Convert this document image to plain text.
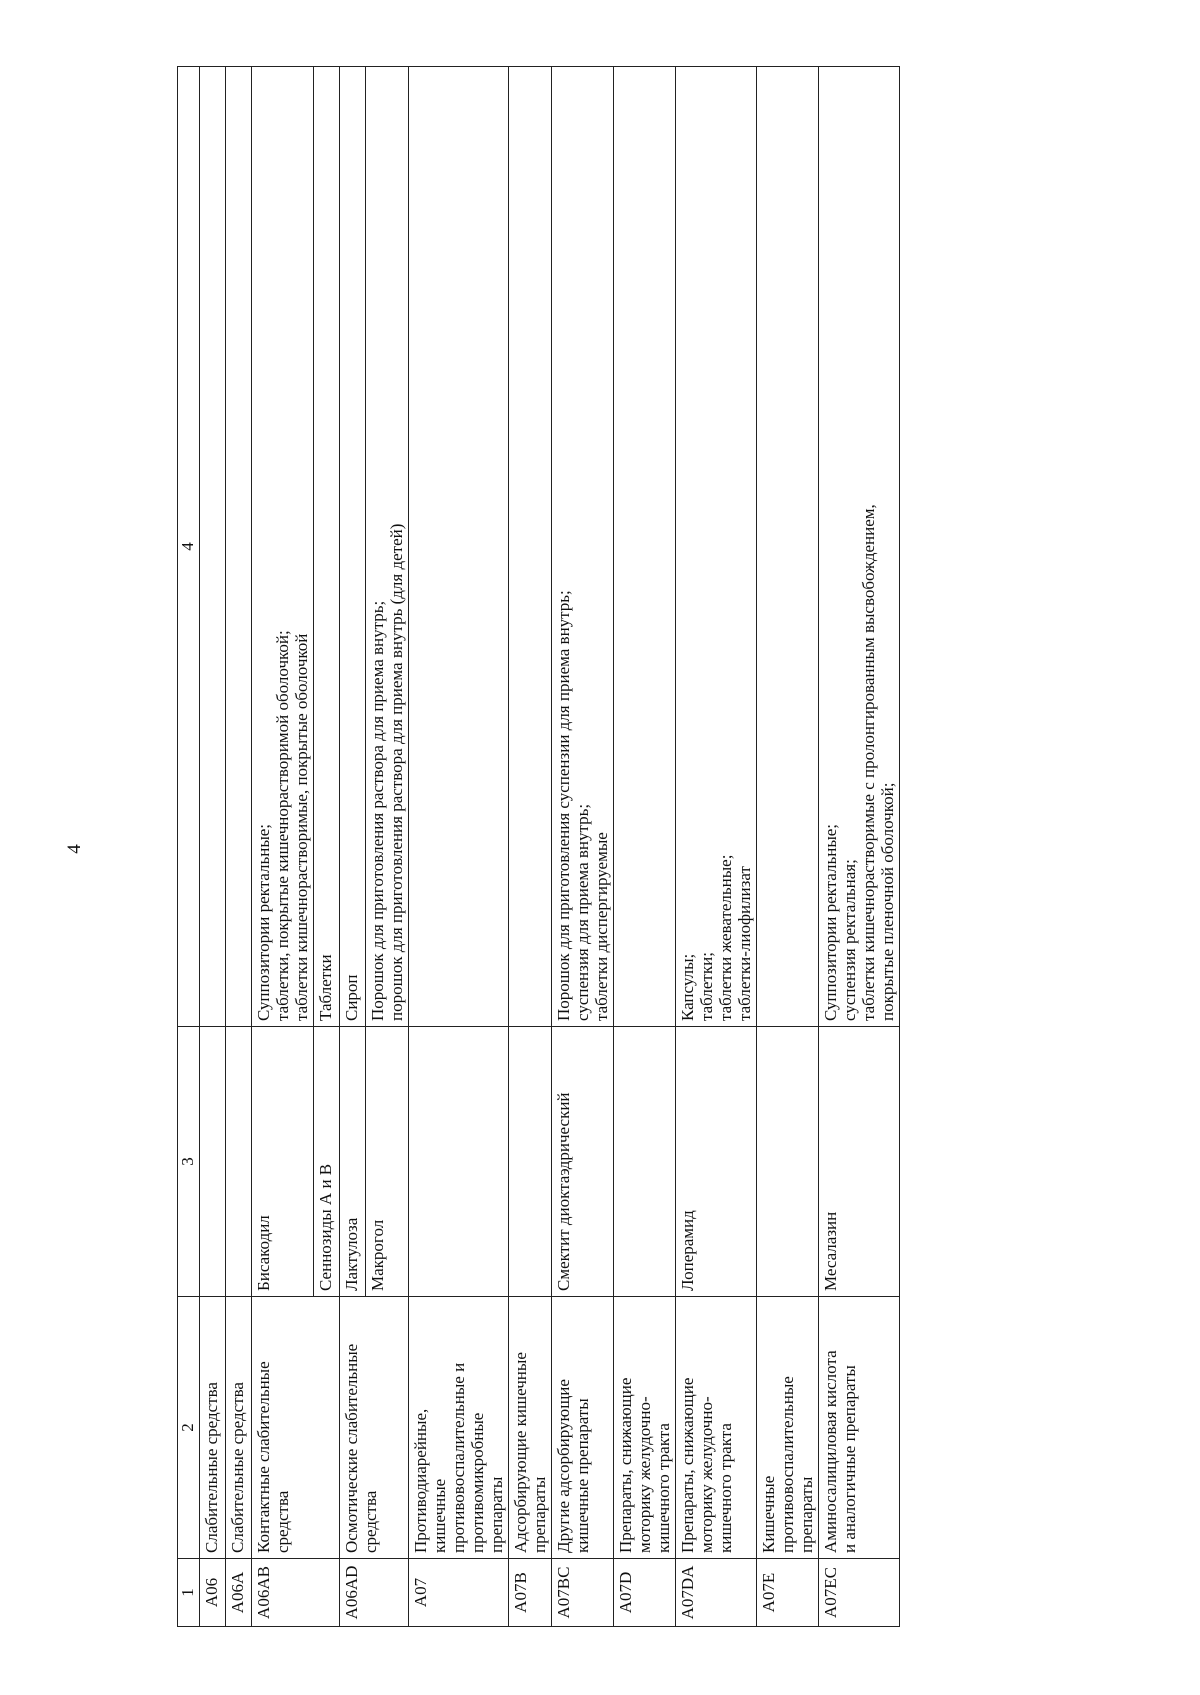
4
1	2	3	4
A06	Слабительные средства		
A06A	Слабительные средства		
A06AB	Контактные слабительные средства	Бисакодил	Суппозитории ректальные;
таблетки, покрытые кишечнорастворимой оболочкой;
таблетки кишечнорастворимые, покрытые оболочкой
		Сеннозиды А и В	Таблетки
A06AD	Осмотические слабительные средства	Лактулоза	Сироп
		Макрогол	Порошок для приготовления раствора для приема внутрь;
порошок для приготовления раствора для приема внутрь (для детей)
A07	Противодиарейные,
кишечные
противовоспалительные и
противомикробные
препараты		
A07B	Адсорбирующие кишечные
препараты		
A07BC	Другие адсорбирующие
кишечные препараты	Смектит диоктаэдрический	Порошок для приготовления суспензии для приема внутрь;
суспензия для приема внутрь;
таблетки диспергируемые
A07D	Препараты, снижающие
моторику желудочно-
кишечного тракта		
A07DA	Препараты, снижающие
моторику желудочно-
кишечного тракта	Лоперамид	Капсулы;
таблетки;
таблетки жевательные;
таблетки-лиофилизат
A07E	Кишечные
противовоспалительные
препараты		
A07EC	Аминосалициловая кислота
и аналогичные препараты	Месалазин	Суппозитории ректальные;
суспензия ректальная;
таблетки кишечнорастворимые с пролонгированным высвобождением,
покрытые пленочной оболочкой;
